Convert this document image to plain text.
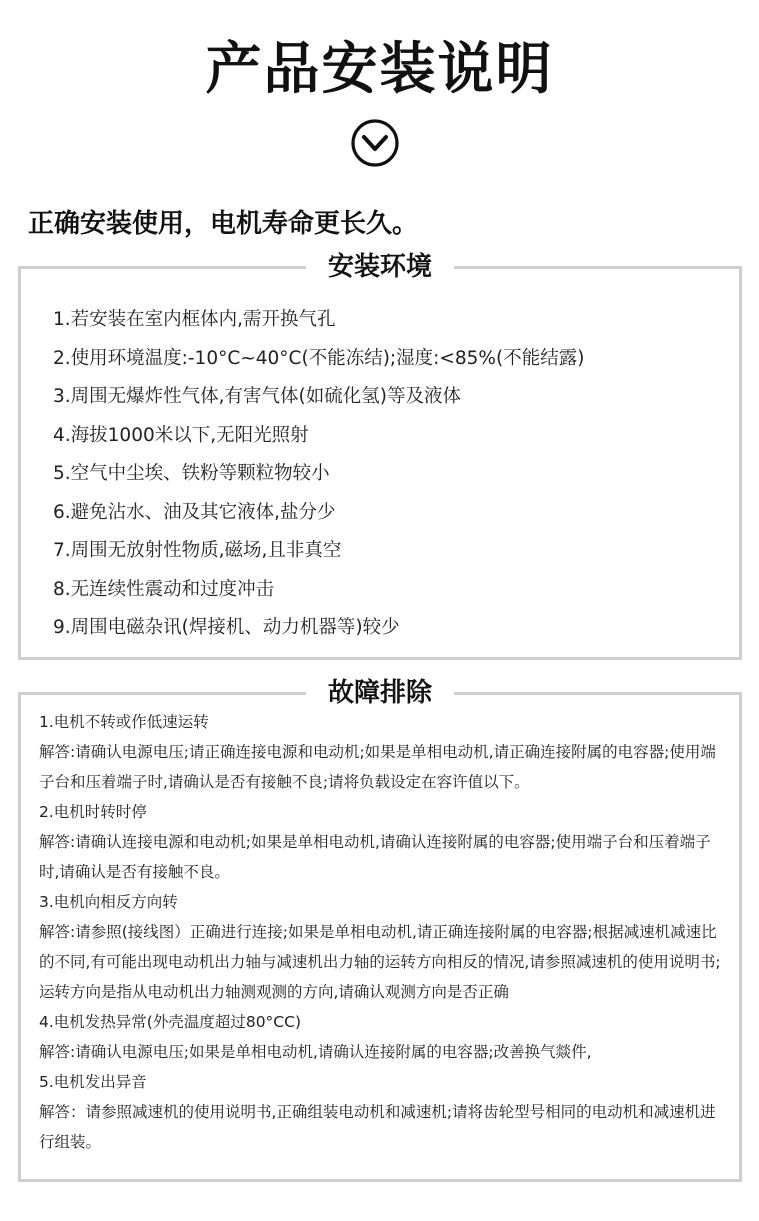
产品安装说明
正确安装使用，电机寿命更长久。
安装环境
1.若安装在室内框体内,需开换气孔
2.使用环境温度:-10°C~40°C(不能冻结);湿度:<85%(不能结露)
3.周围无爆炸性气体,有害气体(如硫化氢)等及液体
4.海拔1000米以下,无阳光照射
5.空气中尘埃、铁粉等颗粒物较小
6.避免沾水、油及其它液体,盐分少
7.周围无放射性物质,磁场,且非真空
8.无连续性震动和过度冲击
9.周围电磁杂讯(焊接机、动力机器等)较少
故障排除

1.电机不转或作低速运转

解答:请确认电源电压;请正确连接电源和电动机;如果是单相电动机,请正确连接附属的电容器;使用端子台和压着端子时,请确认是否有接触不良;请将负载设定在容许值以下。

2.电机时转时停

解答:请确认连接电源和电动机;如果是单相电动机,请确认连接附属的电容器;使用端子台和压着端子时,请确认是否有接触不良。

3.电机向相反方向转

解答:请参照(接线图）正确进行连接;如果是单相电动机,请正确连接附属的电容器;根据减速机减速比的不同,有可能出现电动机出力轴与减速机出力轴的运转方向相反的情况,请参照减速机的使用说明书;运转方向是指从电动机出力轴测观测的方向,请确认观测方向是否正确

4.电机发热异常(外壳温度超过80°CC)

解答:请确认电源电压;如果是单相电动机,请确认连接附属的电容器;改善换气燚件,

5.电机发出异音

解答：请参照减速机的使用说明书,正确组装电动机和减速机;请将齿轮型号相同的电动机和减速机进行组装。
